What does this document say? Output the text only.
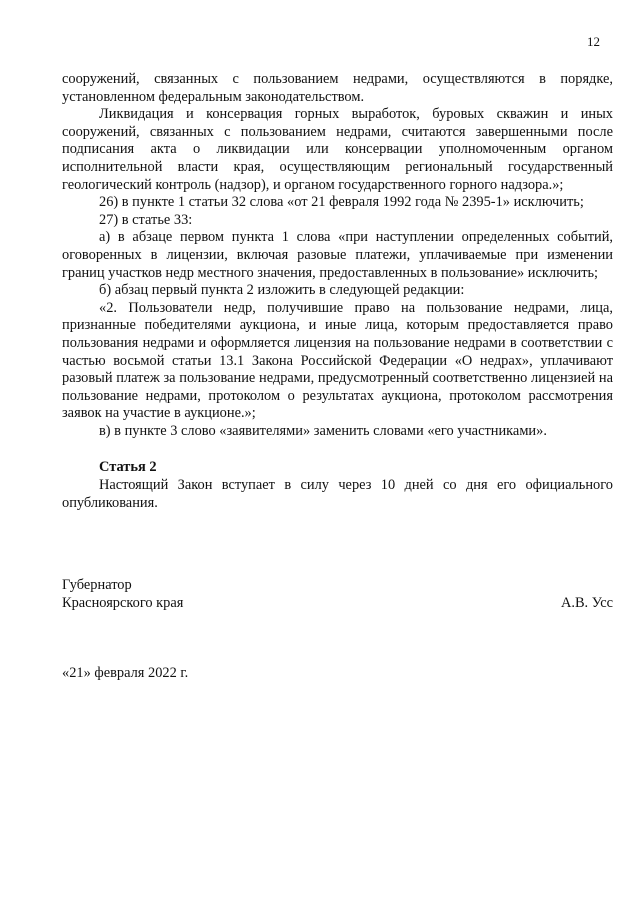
12

сооружений, связанных с пользованием недрами, осуществляются в порядке, установленном федеральным законодательством.

Ликвидация и консервация горных выработок, буровых скважин и иных сооружений, связанных с пользованием недрами, считаются завершенными после подписания акта о ликвидации или консервации уполномоченным органом исполнительной власти края, осуществляющим региональный государственный геологический контроль (надзор), и органом государственного горного надзора.»;

26) в пункте 1 статьи 32 слова «от 21 февраля 1992 года № 2395-1» исключить;

27) в статье 33:

а) в абзаце первом пункта 1 слова «при наступлении определенных событий, оговоренных в лицензии, включая разовые платежи, уплачиваемые при изменении границ участков недр местного значения, предоставленных в пользование» исключить;

б) абзац первый пункта 2 изложить в следующей редакции:

«2. Пользователи недр, получившие право на пользование недрами, лица, признанные победителями аукциона, и иные лица, которым предоставляется право пользования недрами и оформляется лицензия на пользование недрами в соответствии с частью восьмой статьи 13.1 Закона Российской Федерации «О недрах», уплачивают разовый платеж за пользование недрами, предусмотренный соответственно лицензией на пользование недрами, протоколом о результатах аукциона, протоколом рассмотрения заявок на участие в аукционе.»;

в) в пункте 3 слово «заявителями» заменить словами «его участниками».

Статья 2

Настоящий Закон вступает в силу через 10 дней со дня его официального опубликования.

Губернатор
Красноярского края	А.В. Усс
«21» февраля 2022 г.
